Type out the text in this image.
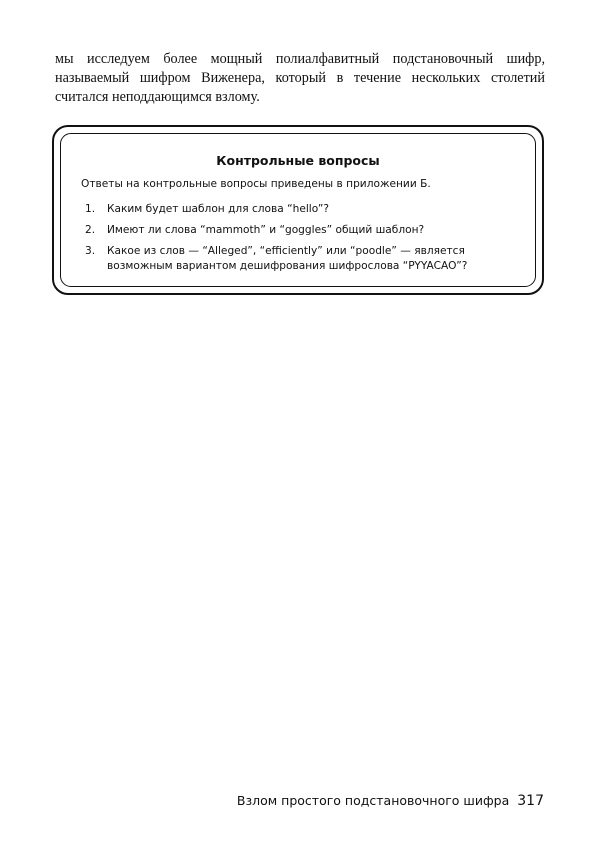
мы исследуем более мощный полиалфавитный подстановочный шифр, называемый шифром Виженера, который в течение нескольких столетий считался неподдающимся взлому.

Контрольные вопросы

Ответы на контрольные вопросы приведены в приложении Б.

1. Каким будет шаблон для слова “hello”?
2. Имеют ли слова “mammoth” и “goggles” общий шаблон?
3. Какое из слов — “Alleged”, “efficiently” или “poodle” — является возможным вариантом дешифрования шифрослова “PYYACAO”?
Взлом простого подстановочного шифра 317
